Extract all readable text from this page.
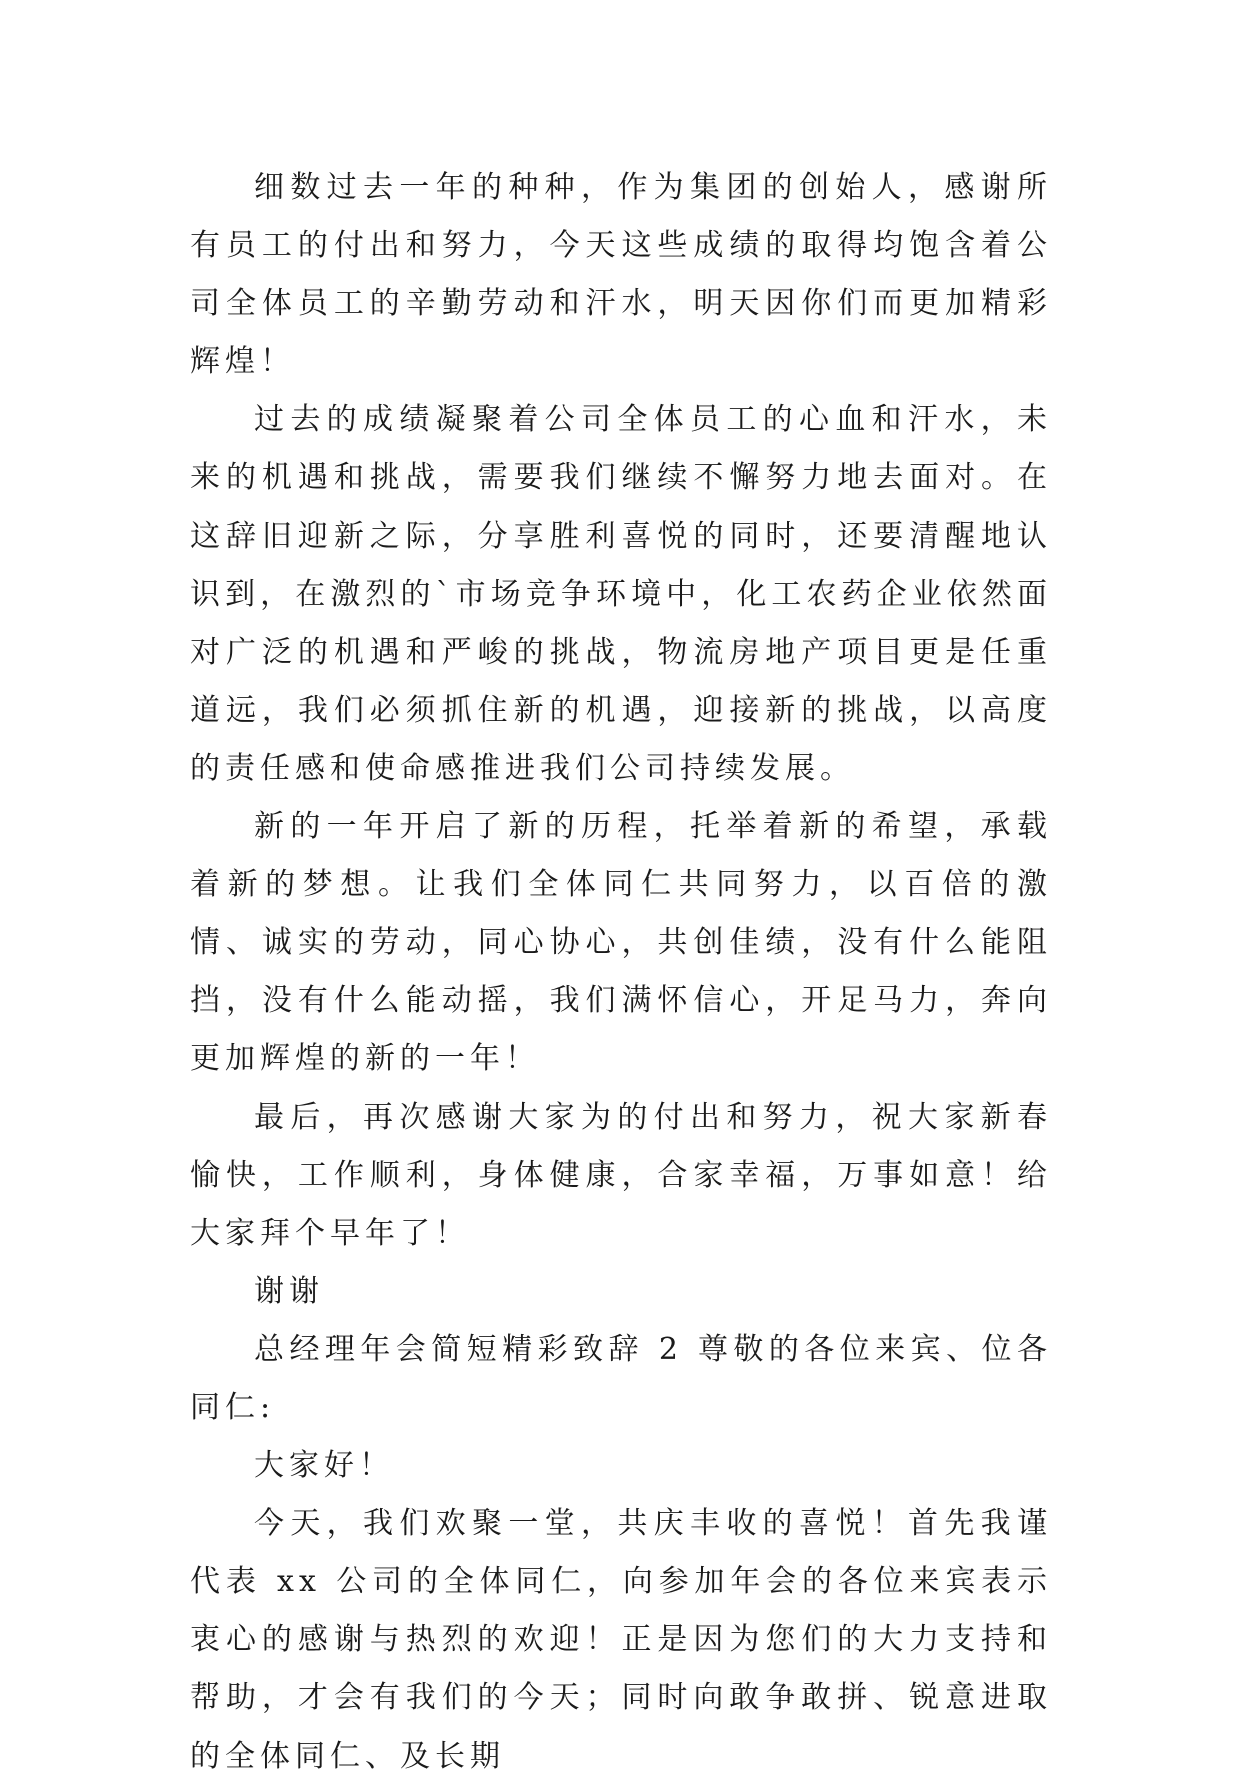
细数过去一年的种种，作为集团的创始人，感谢所有员工的付出和努力，今天这些成绩的取得均饱含着公司全体员工的辛勤劳动和汗水，明天因你们而更加精彩辉煌！

过去的成绩凝聚着公司全体员工的心血和汗水，未来的机遇和挑战，需要我们继续不懈努力地去面对。在这辞旧迎新之际，分享胜利喜悦的同时，还要清醒地认识到，在激烈的`市场竞争环境中，化工农药企业依然面对广泛的机遇和严峻的挑战，物流房地产项目更是任重道远，我们必须抓住新的机遇，迎接新的挑战，以高度的责任感和使命感推进我们公司持续发展。

新的一年开启了新的历程，托举着新的希望，承载着新的梦想。让我们全体同仁共同努力，以百倍的激情、诚实的劳动，同心协心，共创佳绩，没有什么能阻挡，没有什么能动摇，我们满怀信心，开足马力，奔向更加辉煌的新的一年！

最后，再次感谢大家为的付出和努力，祝大家新春愉快，工作顺利，身体健康，合家幸福，万事如意！给大家拜个早年了！

谢谢

总经理年会简短精彩致辞 2 尊敬的各位来宾、位各同仁:

大家好！

今天，我们欢聚一堂，共庆丰收的喜悦！首先我谨代表 xx 公司的全体同仁，向参加年会的各位来宾表示衷心的感谢与热烈的欢迎！正是因为您们的大力支持和帮助，才会有我们的今天；同时向敢争敢拼、锐意进取的全体同仁、及长期
